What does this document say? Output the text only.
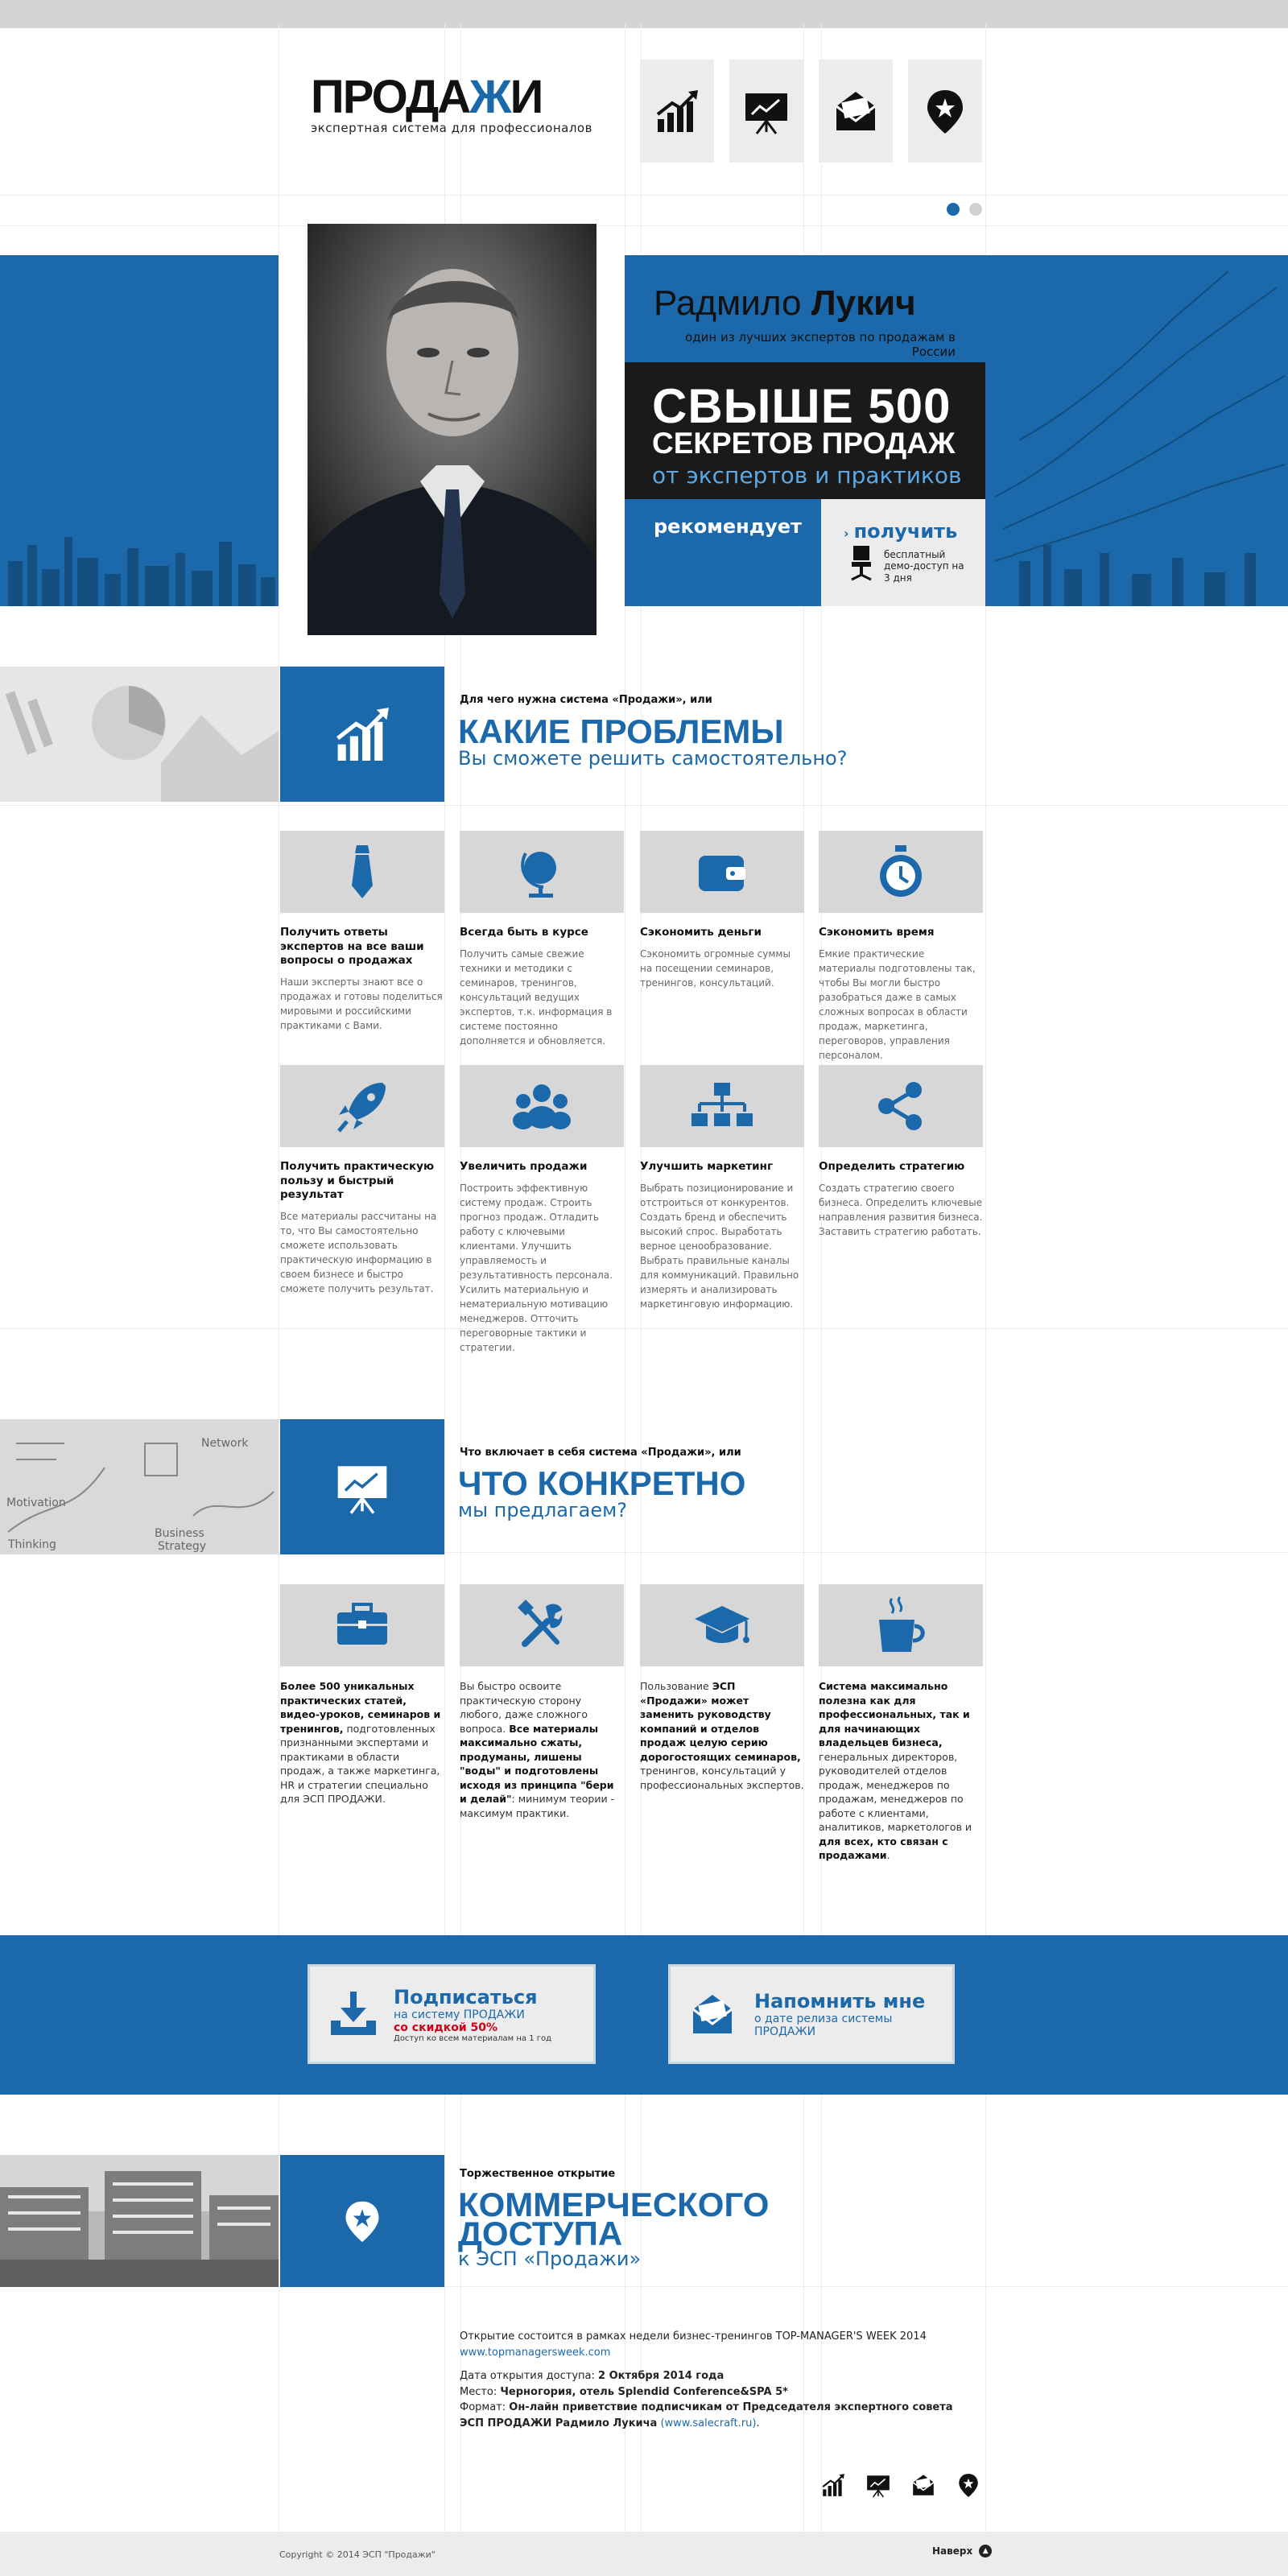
ПРОДАЖИ
экспертная система для профессионалов
Радмило Лукич
один из лучших экспертов по продажам в России
СВЫШЕ 500
СЕКРЕТОВ ПРОДАЖ
от экспертов и практиков
рекомендует	› получить
бесплатный демо-доступ на 3 дня
Для чего нужна система «Продажи», или
КАКИЕ ПРОБЛЕМЫ
Вы сможете решить самостоятельно?
Получить ответы экспертов на все ваши вопросы о продажах
Наши эксперты знают все о продажах и готовы поделиться мировыми и российскими практиками с Вами.
Всегда быть в курсе
Получить самые свежие техники и методики с семинаров, тренингов, консультаций ведущих экспертов, т.к. информация в системе постоянно дополняется и обновляется.
Сэкономить деньги
Сэкономить огромные суммы на посещении семинаров, тренингов, консультаций.
Сэкономить время
Емкие практические материалы подготовлены так, чтобы Вы могли быстро разобраться даже в самых сложных вопросах в области продаж, маркетинга, переговоров, управления персоналом.
Получить практическую пользу и быстрый результат
Все материалы рассчитаны на то, что Вы самостоятельно сможете использовать практическую информацию в своем бизнесе и быстро сможете получить результат.
Увеличить продажи
Построить эффективную систему продаж. Строить прогноз продаж. Отладить работу с ключевыми клиентами. Улучшить управляемость и результативность персонала. Усилить материальную и нематериальную мотивацию менеджеров. Отточить переговорные тактики и стратегии.
Улучшить маркетинг
Выбрать позиционирование и отстроиться от конкурентов. Создать бренд и обеспечить высокий спрос. Выработать верное ценообразование. Выбрать правильные каналы для коммуникаций. Правильно измерять и анализировать маркетинговую информацию.
Определить стратегию
Создать стратегию своего бизнеса. Определить ключевые направления развития бизнеса. Заставить стратегию работать.
Motivation
Thinking
Business
Strategy
Network
Что включает в себя система «Продажи», или
ЧТО КОНКРЕТНО
мы предлагаем?
Более 500 уникальных практических статей, видео-уроков, семинаров и тренингов, подготовленных признанными экспертами и практиками в области продаж, а также маркетинга, HR и стратегии специально для ЭСП ПРОДАЖИ.
Вы быстро освоите практическую сторону любого, даже сложного вопроса. Все материалы максимально сжаты, продуманы, лишены "воды" и подготовлены исходя из принципа "бери и делай": минимум теории - максимум практики.
Пользование ЭСП «Продажи» может заменить руководству компаний и отделов продаж целую серию дорогостоящих семинаров, тренингов, консультаций у профессиональных экспертов.
Система максимально полезна как для профессиональных, так и для начинающих владельцев бизнеса, генеральных директоров, руководителей отделов продаж, менеджеров по продажам, менеджеров по работе с клиентами, аналитиков, маркетологов и для всех, кто связан с продажами.
Подписаться
на систему ПРОДАЖИ
со скидкой 50%
Доступ ко всем материалам на 1 год
Напомнить мне
о дате релиза системы
ПРОДАЖИ
Торжественное открытие
КОММЕРЧЕСКОГО
ДОСТУПА
к ЭСП «Продажи»
Открытие состоится в рамках недели бизнес-тренингов TOP-MANAGER'S WEEK 2014
www.topmanagersweek.com
Дата открытия доступа: 2 Октября 2014 года
Место: Черногория, отель Splendid Conference&SPA 5*
Формат: Он-лайн приветствие подписчикам от Председателя экспертного совета ЭСП ПРОДАЖИ Радмило Лукича (www.salecraft.ru).
Copyright © 2014 ЭСП "Продажи"	Наверх	▲
